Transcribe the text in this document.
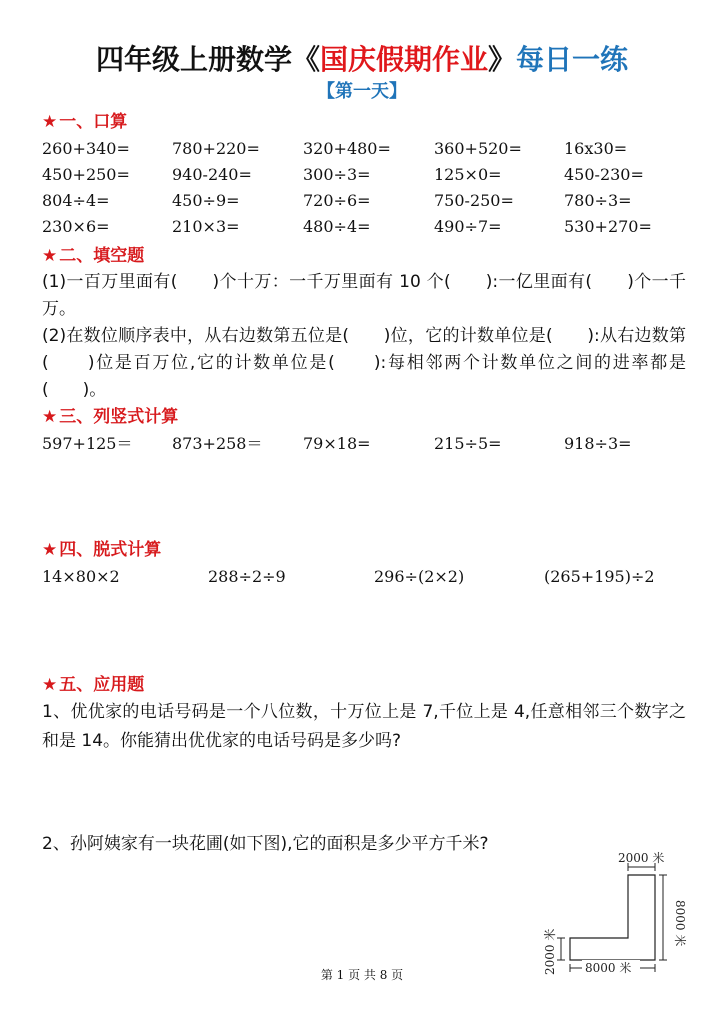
四年级上册数学《国庆假期作业》每日一练
【第一天】
★ 一、口算
260+340=	780+220=	320+480=	360+520=	16x30=
450+250=	940-240=	300÷3=	125×0=	450-230=
804÷4=	450÷9=	720÷6=	750-250=	780÷3=
230×6=	210×3=	480÷4=	490÷7=	530+270=
★ 二、填空题
(1)一百万里面有(　　)个十万：一千万里面有 10 个(　　):一亿里面有(　　)个一千万。
(2)在数位顺序表中，从右边数第五位是(　　)位，它的计数单位是(　　):从右边数第(　　)位是百万位,它的计数单位是(　　):每相邻两个计数单位之间的进率都是(　　)。
★ 三、列竖式计算
597+125＝ 873+258＝	79×18=	215÷5=	918÷3=
★ 四、脱式计算
14×80×2	288÷2÷9	296÷(2×2)	(265+195)÷2
★ 五、应用题
1、优优家的电话号码是一个八位数，十万位上是 7,千位上是 4,任意相邻三个数字之和是 14。你能猜出优优家的电话号码是多少吗?
2、孙阿姨家有一块花圃(如下图),它的面积是多少平方千米?
2000 米
8000 米
2000 米 8000 米
第 1 页 共 8 页
